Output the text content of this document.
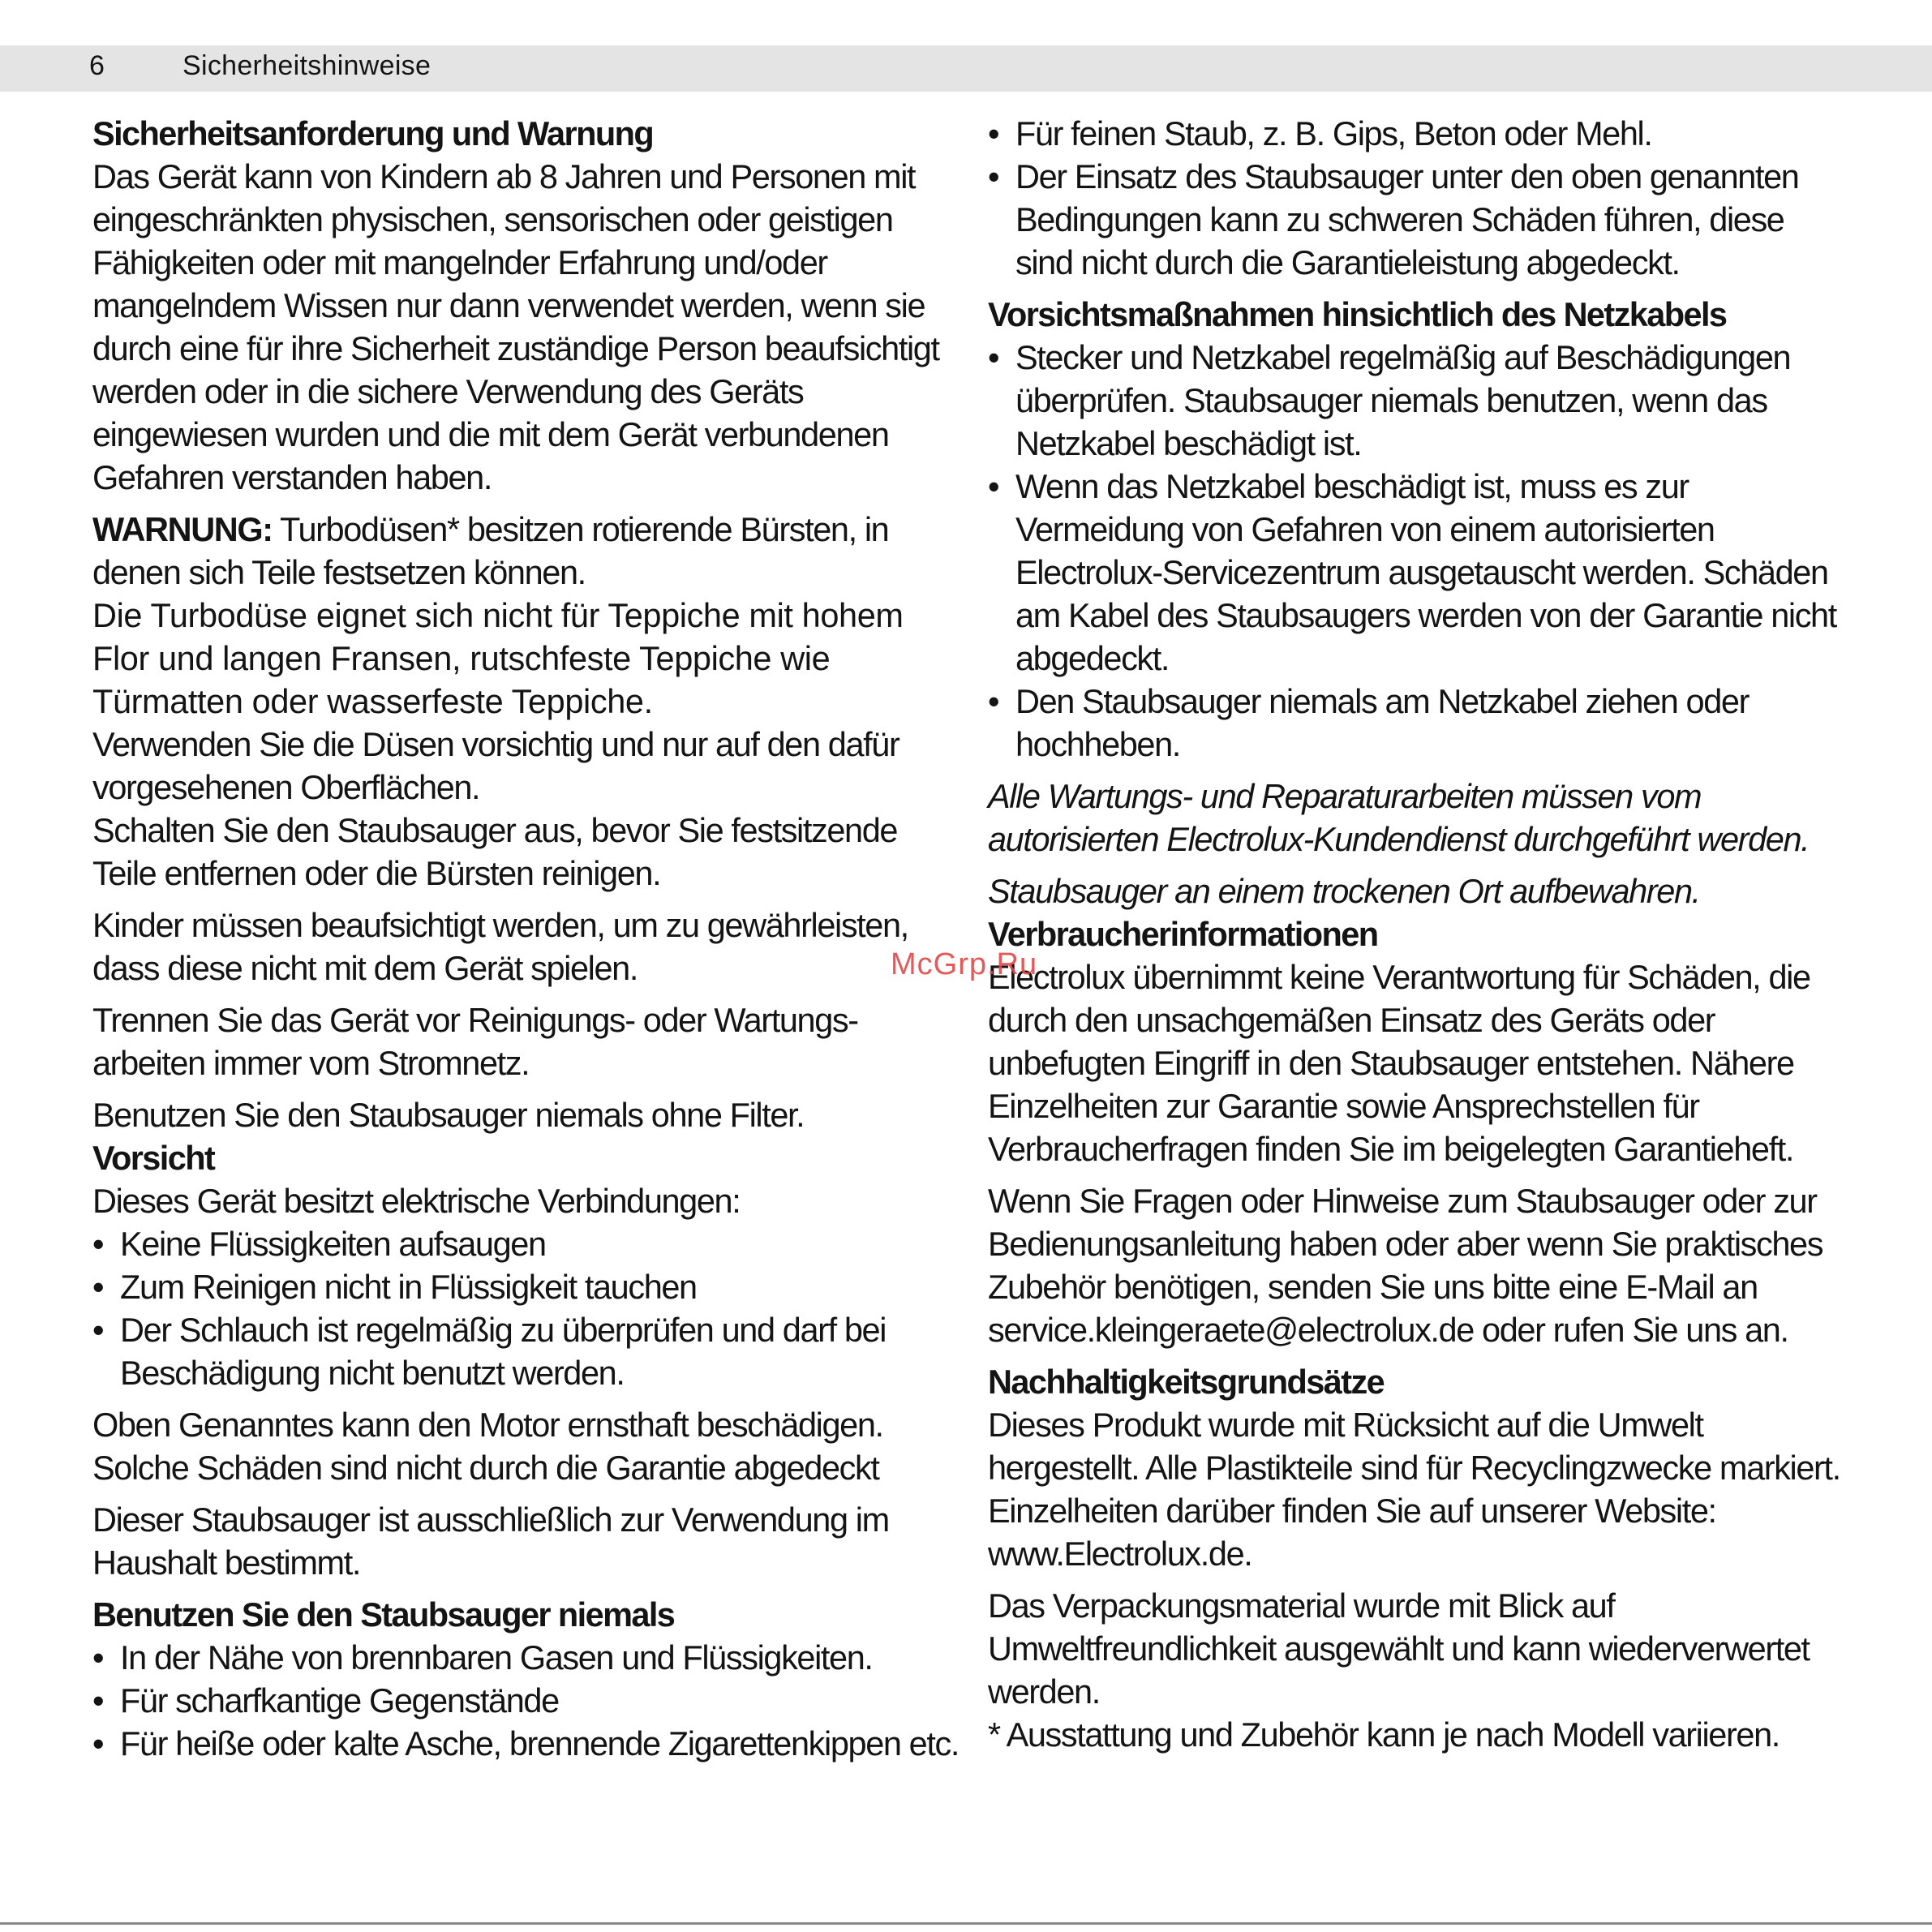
6	Sicherheitshinweise
Sicherheitsanforderung und Warnung

Das Gerät kann von Kindern ab 8 Jahren und Personen mit eingeschränkten physischen, sensorischen oder geistigen Fähigkeiten oder mit mangelnder Erfahrung und/oder mangelndem Wissen nur dann verwendet werden, wenn sie durch eine für ihre Sicherheit zuständige Person beaufsichtigt werden oder in die sichere Verwendung des Geräts eingewiesen wurden und die mit dem Gerät verbundenen Gefahren verstanden haben.

WARNUNG: Turbodüsen* besitzen rotierende Bürsten, in denen sich Teile festsetzen können.

Die Turbodüse eignet sich nicht für Teppiche mit hohem Flor und langen Fransen, rutschfeste Teppiche wie Türmatten oder wasserfeste Teppiche.

Verwenden Sie die Düsen vorsichtig und nur auf den dafür vorgesehenen Oberflächen.

Schalten Sie den Staubsauger aus, bevor Sie festsitzende Teile entfernen oder die Bürsten reinigen.

Kinder müssen beaufsichtigt werden, um zu gewährleisten, dass diese nicht mit dem Gerät spielen.

Trennen Sie das Gerät vor Reinigungs- oder Wartungs-arbeiten immer vom Stromnetz.

Benutzen Sie den Staubsauger niemals ohne Filter.

Vorsicht

Dieses Gerät besitzt elektrische Verbindungen:

• Keine Flüssigkeiten aufsaugen
• Zum Reinigen nicht in Flüssigkeit tauchen
• Der Schlauch ist regelmäßig zu überprüfen und darf bei Beschädigung nicht benutzt werden.

Oben Genanntes kann den Motor ernsthaft beschädigen. Solche Schäden sind nicht durch die Garantie abgedeckt

Dieser Staubsauger ist ausschließlich zur Verwendung im Haushalt bestimmt.

Benutzen Sie den Staubsauger niemals
• In der Nähe von brennbaren Gasen und Flüssigkeiten.
• Für scharfkantige Gegenstände
• Für heiße oder kalte Asche, brennende Zigarettenkippen etc.
• Für feinen Staub, z. B. Gips, Beton oder Mehl.
• Der Einsatz des Staubsauger unter den oben genannten Bedingungen kann zu schweren Schäden führen, diese sind nicht durch die Garantieleistung abgedeckt.
Vorsichtsmaßnahmen hinsichtlich des Netzkabels
• Stecker und Netzkabel regelmäßig auf Beschädigungen überprüfen. Staubsauger niemals benutzen, wenn das Netzkabel beschädigt ist.
• Wenn das Netzkabel beschädigt ist, muss es zur Vermeidung von Gefahren von einem autorisierten Electrolux-Servicezentrum ausgetauscht werden. Schäden am Kabel des Staubsaugers werden von der Garantie nicht abgedeckt.
• Den Staubsauger niemals am Netzkabel ziehen oder hochheben.

Alle Wartungs- und Reparaturarbeiten müssen vom autorisierten Electrolux-Kundendienst durchgeführt werden.

Staubsauger an einem trockenen Ort aufbewahren.

Verbraucherinformationen

Electrolux übernimmt keine Verantwortung für Schäden, die durch den unsachgemäßen Einsatz des Geräts oder unbefugten Eingriff in den Staubsauger entstehen. Nähere Einzelheiten zur Garantie sowie Ansprechstellen für Verbraucherfragen finden Sie im beigelegten Garantieheft.

Wenn Sie Fragen oder Hinweise zum Staubsauger oder zur Bedienungsanleitung haben oder aber wenn Sie praktisches Zubehör benötigen, senden Sie uns bitte eine E-Mail an service.kleingeraete@electrolux.de oder rufen Sie uns an.

Nachhaltigkeitsgrundsätze

Dieses Produkt wurde mit Rücksicht auf die Umwelt hergestellt. Alle Plastikteile sind für Recyclingzwecke markiert. Einzelheiten darüber finden Sie auf unserer Website: www.Electrolux.de.

Das Verpackungsmaterial wurde mit Blick auf Umweltfreundlichkeit ausgewählt und kann wiederverwertet werden.

* Ausstattung und Zubehör kann je nach Modell variieren.

McGrp.Ru
